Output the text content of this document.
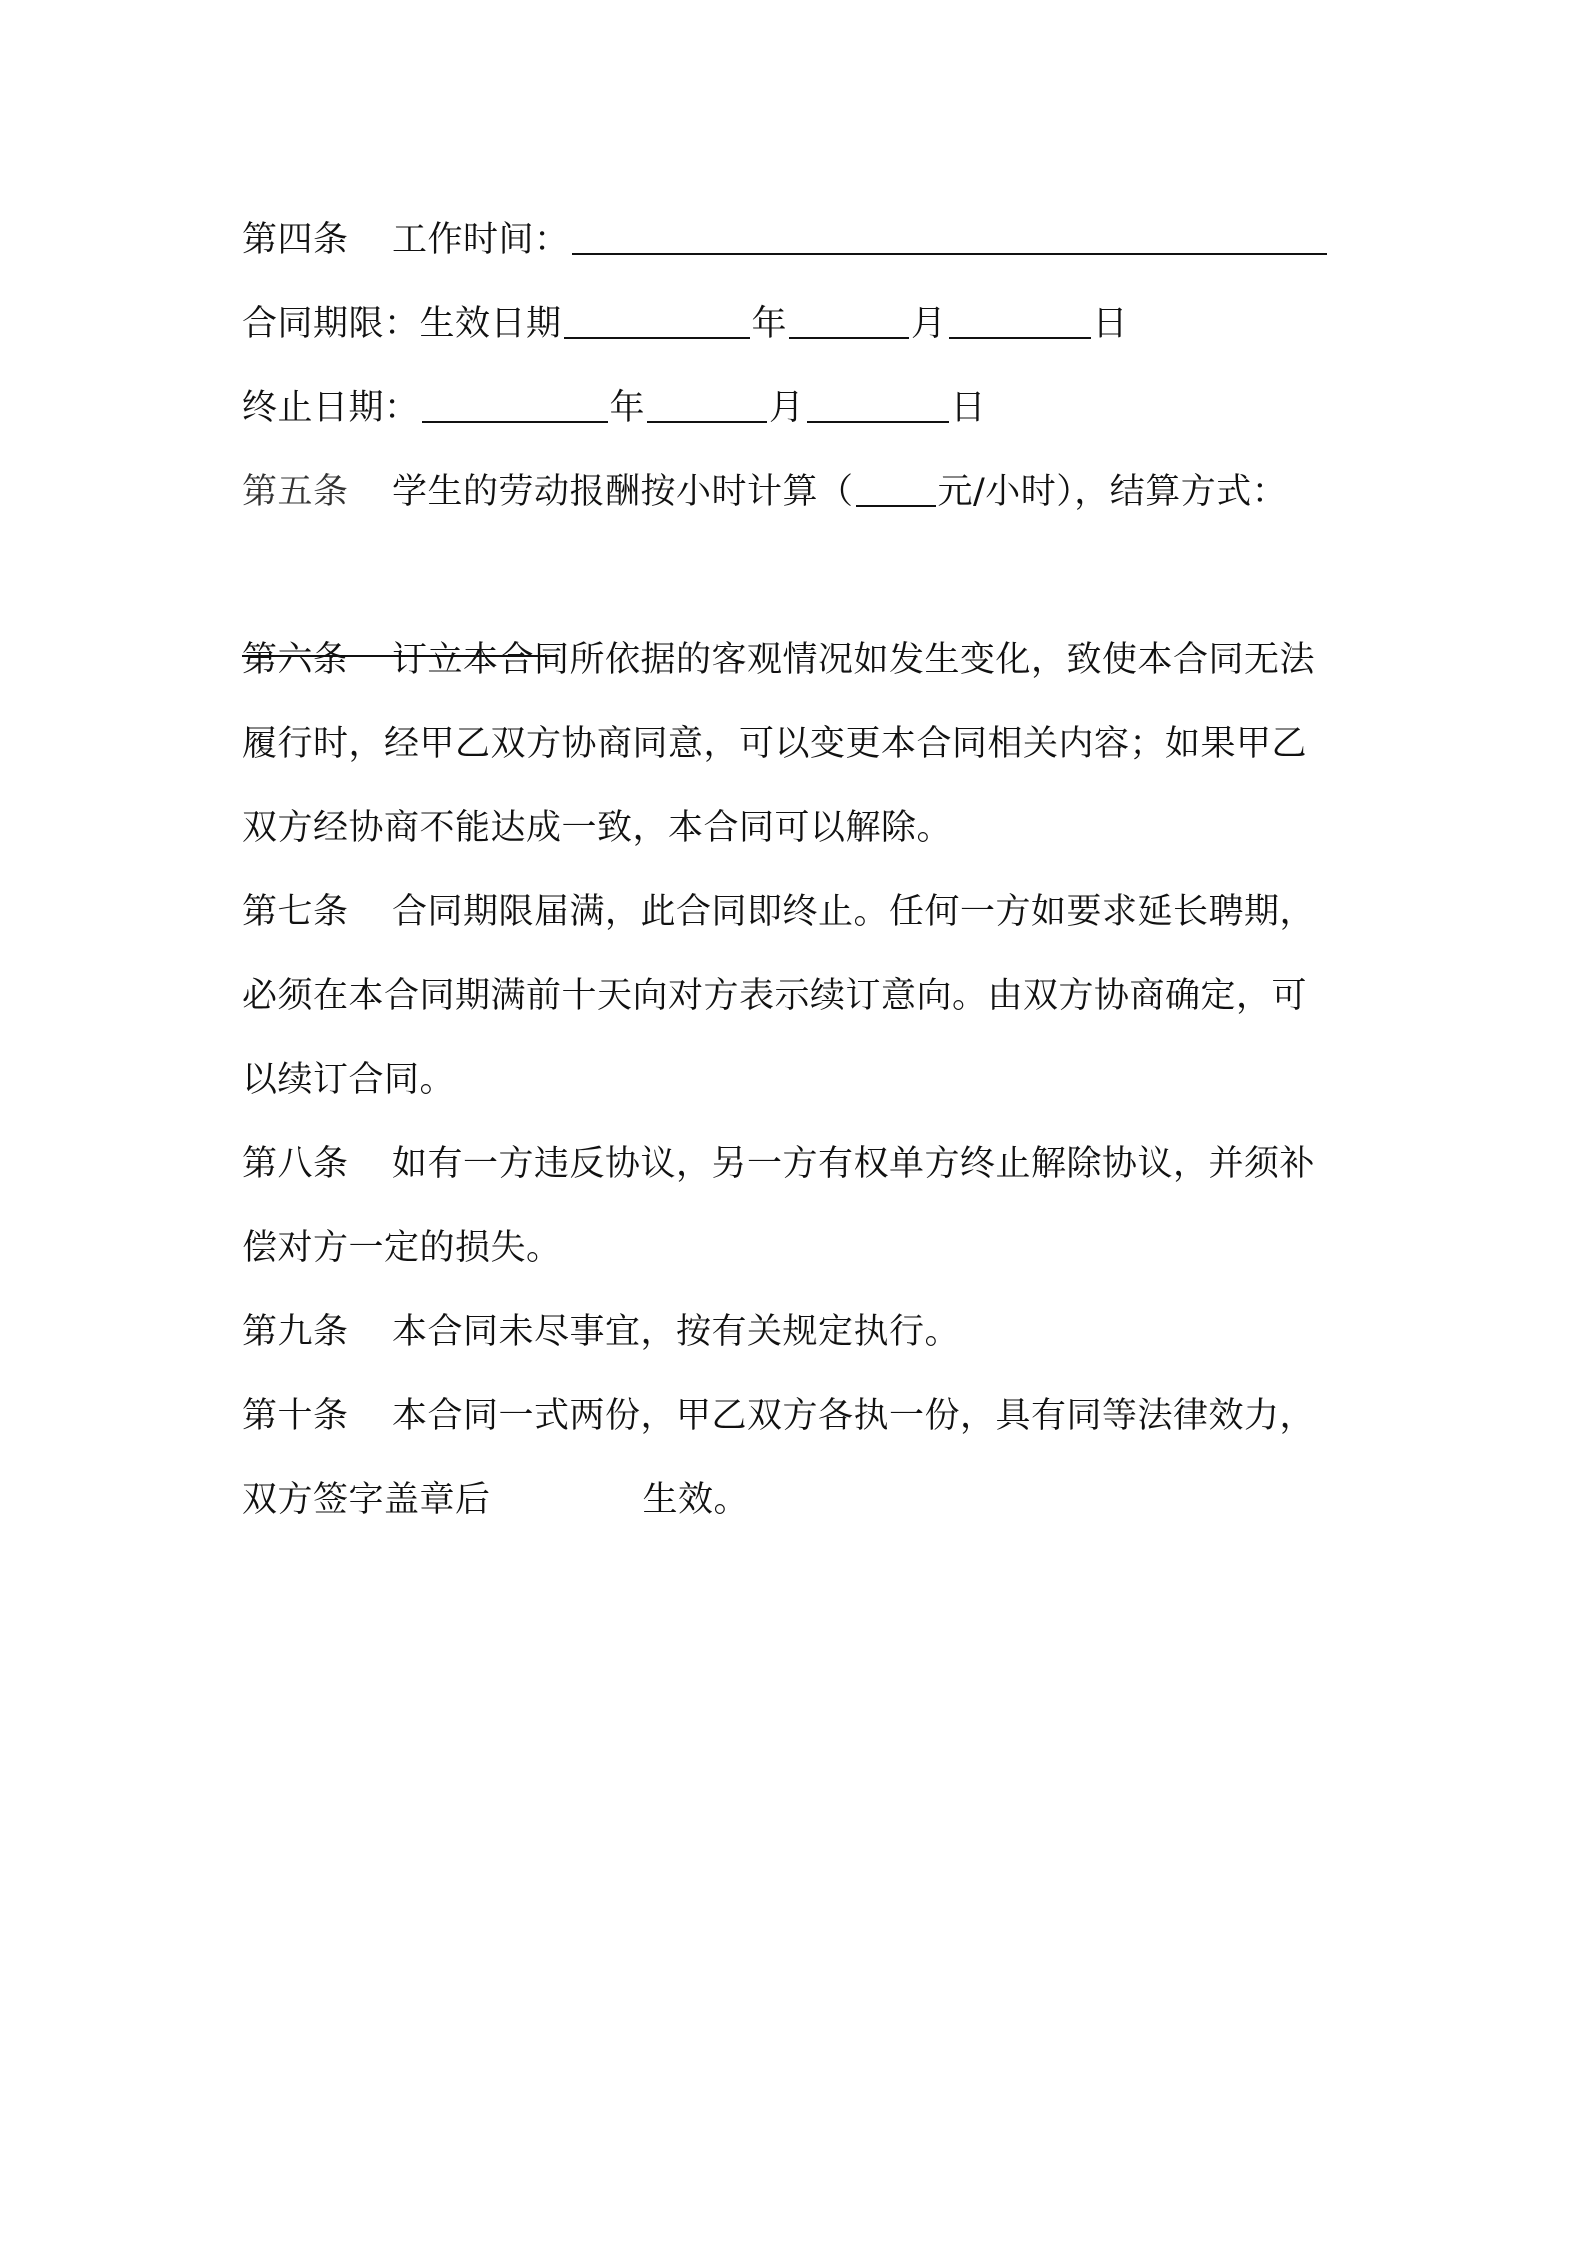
第四条 工作时间：
合同期限：生效日期	年	月	日
终止日期：	年	月	日
第五条 学生的劳动报酬按小时计算（ 元/小时），结算方式：
第六条 订立本合同所依据的客观情况如发生变化，致使本合同无法
履行时，经甲乙双方协商同意，可以变更本合同相关内容；如果甲乙
双方经协商不能达成一致，本合同可以解除。
第七条 合同期限届满，此合同即终止。任何一方如要求延长聘期，
必须在本合同期满前十天向对方表示续订意向。由双方协商确定，可
以续订合同。
第八条 如有一方违反协议，另一方有权单方终止解除协议，并须补
偿对方一定的损失。
第九条 本合同未尽事宜，按有关规定执行。
第十条 本合同一式两份，甲乙双方各执一份，具有同等法律效力，
双方签字盖章后	生效。
